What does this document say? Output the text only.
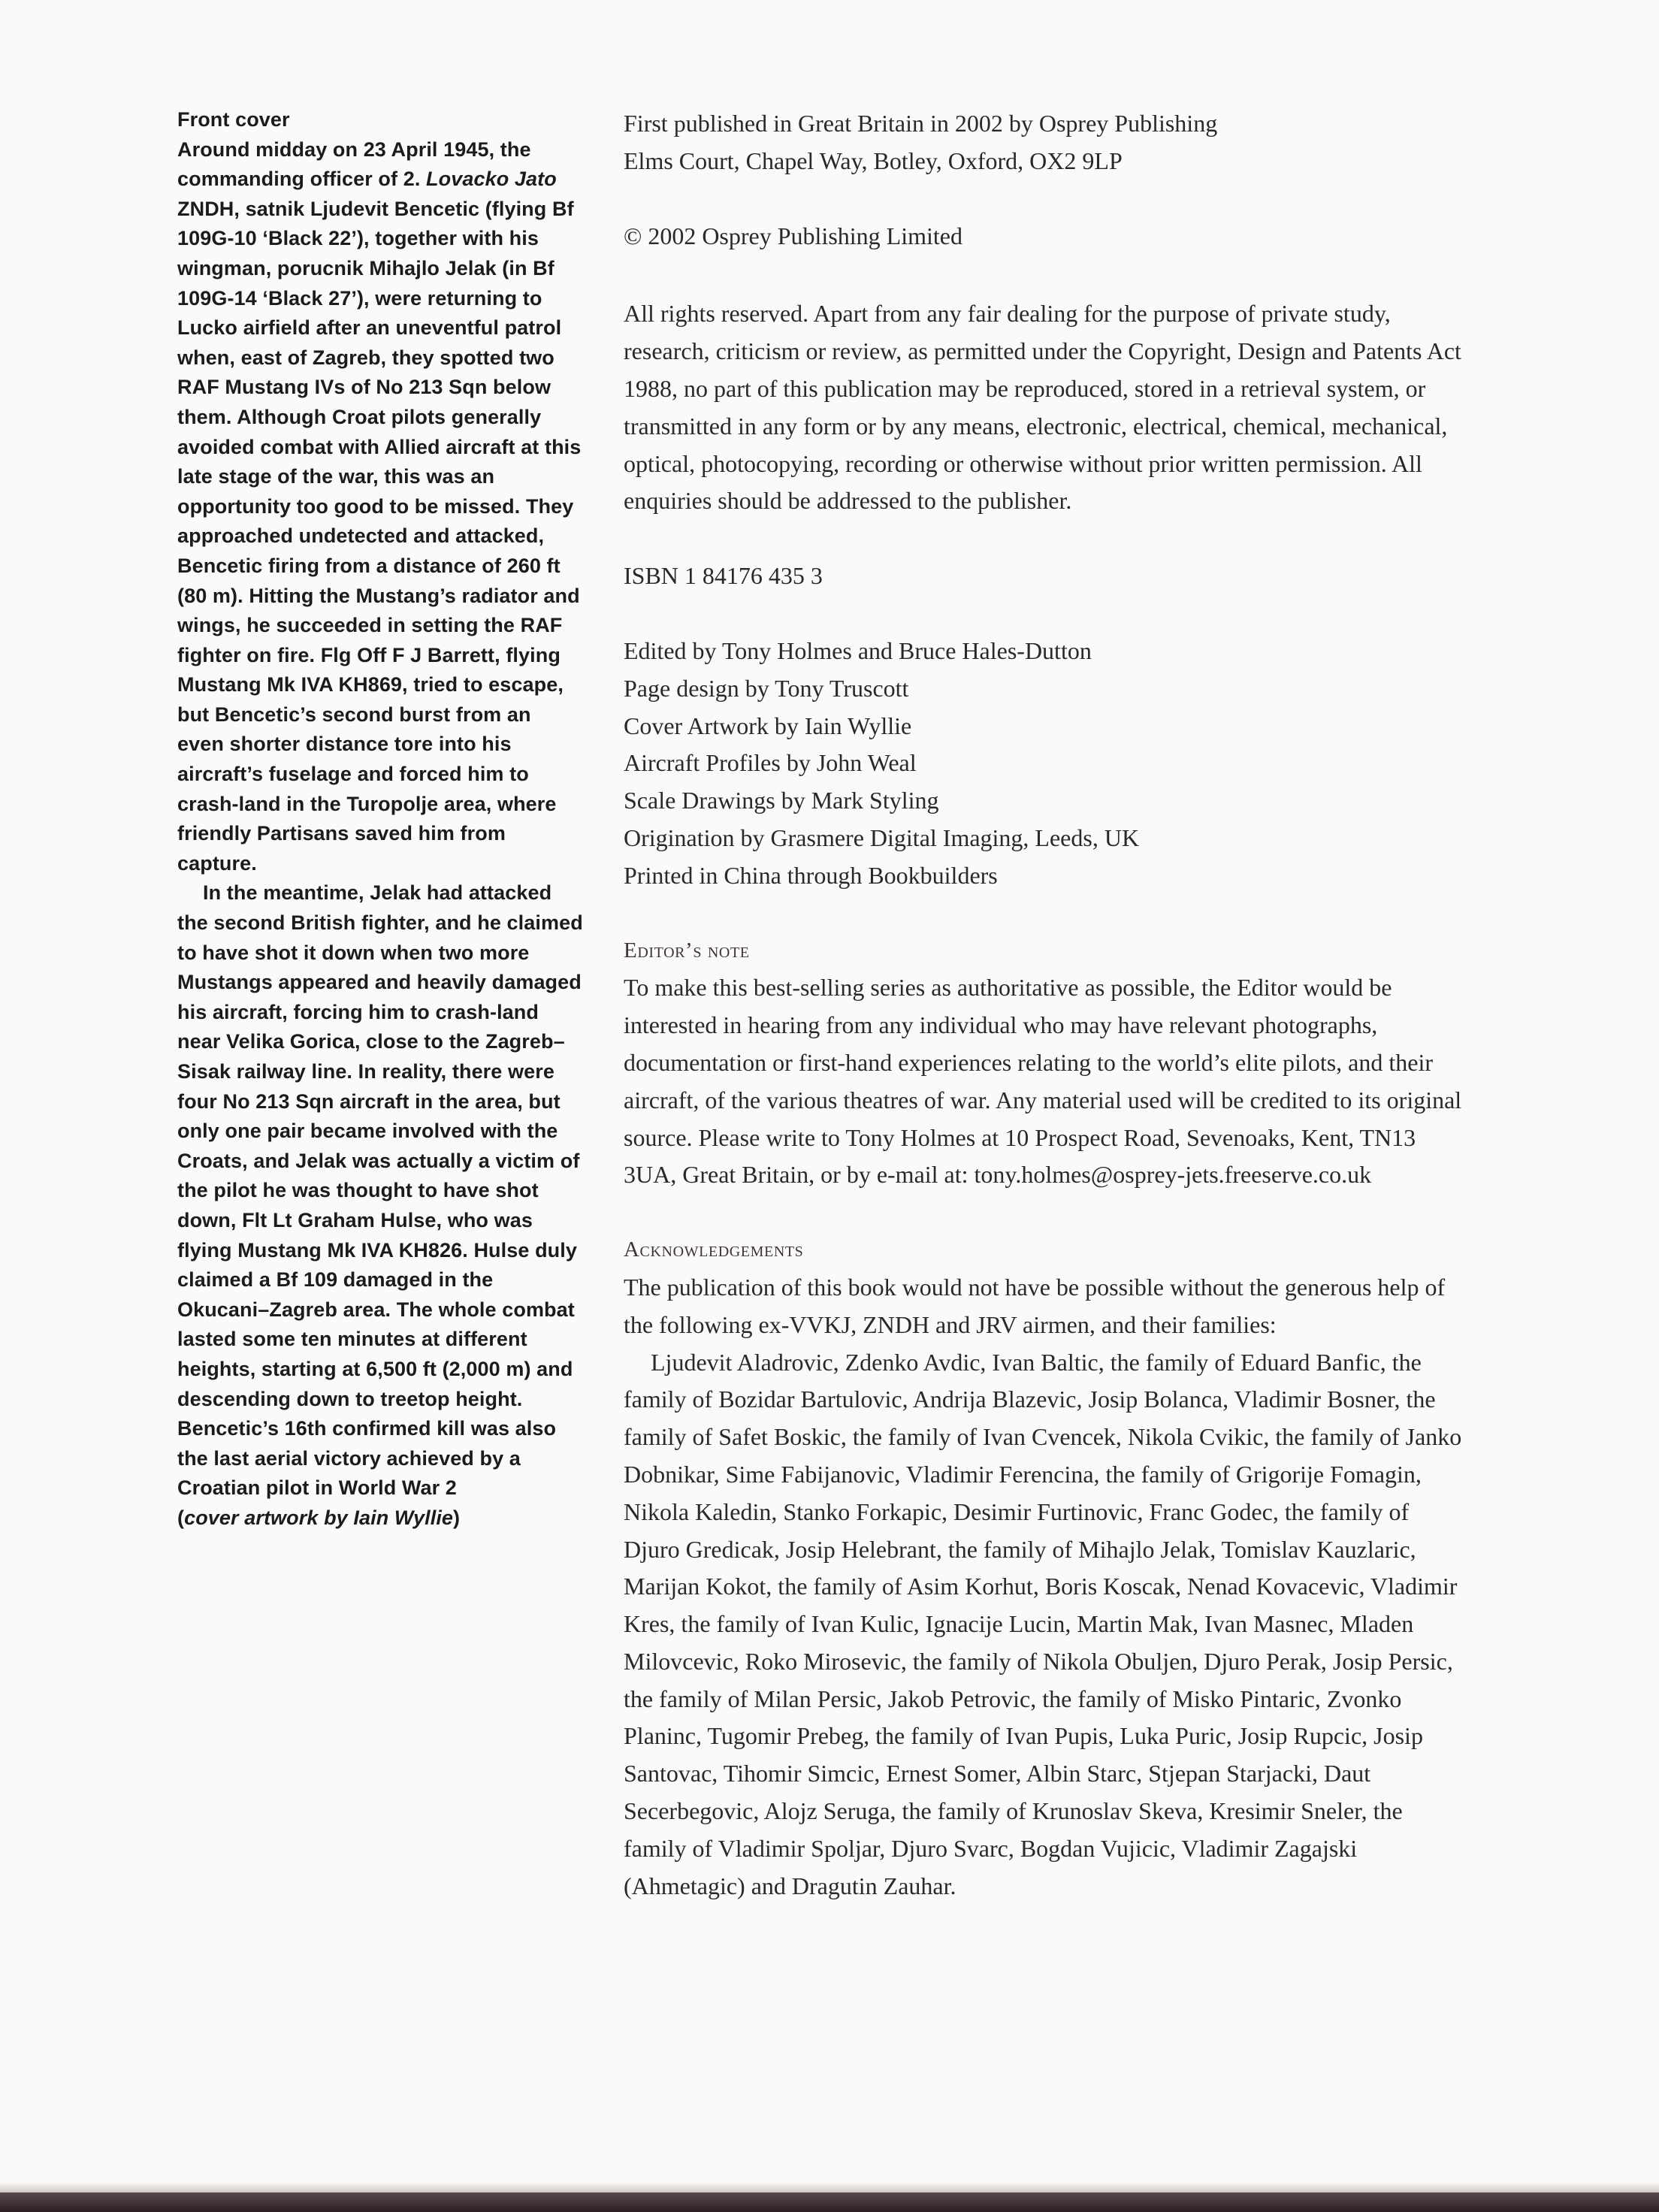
Front cover

Around midday on 23 April 1945, the commanding officer of 2. Lovacko Jato ZNDH, satnik Ljudevit Bencetic (flying Bf 109G-10 ‘Black 22’), together with his wingman, porucnik Mihajlo Jelak (in Bf 109G-14 ‘Black 27’), were returning to Lucko airfield after an uneventful patrol when, east of Zagreb, they spotted two RAF Mustang IVs of No 213 Sqn below them. Although Croat pilots generally avoided combat with Allied aircraft at this late stage of the war, this was an opportunity too good to be missed. They approached undetected and attacked, Bencetic firing from a distance of 260 ft (80 m). Hitting the Mustang’s radiator and wings, he succeeded in setting the RAF fighter on fire. Flg Off F J Barrett, flying Mustang Mk IVA KH869, tried to escape, but Bencetic’s second burst from an even shorter distance tore into his aircraft’s fuselage and forced him to crash-land in the Turopolje area, where friendly Partisans saved him from capture.

In the meantime, Jelak had attacked the second British fighter, and he claimed to have shot it down when two more Mustangs appeared and heavily damaged his aircraft, forcing him to crash-land near Velika Gorica, close to the Zagreb–Sisak railway line. In reality, there were four No 213 Sqn aircraft in the area, but only one pair became involved with the Croats, and Jelak was actually a victim of the pilot he was thought to have shot down, Flt Lt Graham Hulse, who was flying Mustang Mk IVA KH826. Hulse duly claimed a Bf 109 damaged in the Okucani–Zagreb area. The whole combat lasted some ten minutes at different heights, starting at 6,500 ft (2,000 m) and descending down to treetop height. Bencetic’s 16th confirmed kill was also the last aerial victory achieved by a Croatian pilot in World War 2
(cover artwork by Iain Wyllie)

First published in Great Britain in 2002 by Osprey Publishing

Elms Court, Chapel Way, Botley, Oxford, OX2 9LP

© 2002 Osprey Publishing Limited

All rights reserved. Apart from any fair dealing for the purpose of private study, research, criticism or review, as permitted under the Copyright, Design and Patents Act 1988, no part of this publication may be reproduced, stored in a retrieval system, or transmitted in any form or by any means, electronic, electrical, chemical, mechanical, optical, photocopying, recording or otherwise without prior written permission. All enquiries should be addressed to the publisher.

ISBN 1 84176 435 3

Edited by Tony Holmes and Bruce Hales-Dutton
Page design by Tony Truscott
Cover Artwork by Iain Wyllie
Aircraft Profiles by John Weal
Scale Drawings by Mark Styling
Origination by Grasmere Digital Imaging, Leeds, UK
Printed in China through Bookbuilders

Editor’s note

To make this best-selling series as authoritative as possible, the Editor would be interested in hearing from any individual who may have relevant photographs, documentation or first-hand experiences relating to the world’s elite pilots, and their aircraft, of the various theatres of war. Any material used will be credited to its original source. Please write to Tony Holmes at 10 Prospect Road, Sevenoaks, Kent, TN13 3UA, Great Britain, or by e-mail at: tony.holmes@osprey-jets.freeserve.co.uk

Acknowledgements

The publication of this book would not have be possible without the generous help of the following ex-VVKJ, ZNDH and JRV airmen, and their families:

Ljudevit Aladrovic, Zdenko Avdic, Ivan Baltic, the family of Eduard Banfic, the family of Bozidar Bartulovic, Andrija Blazevic, Josip Bolanca, Vladimir Bosner, the family of Safet Boskic, the family of Ivan Cvencek, Nikola Cvikic, the family of Janko Dobnikar, Sime Fabijanovic, Vladimir Ferencina, the family of Grigorije Fomagin, Nikola Kaledin, Stanko Forkapic, Desimir Furtinovic, Franc Godec, the family of Djuro Gredicak, Josip Helebrant, the family of Mihajlo Jelak, Tomislav Kauzlaric, Marijan Kokot, the family of Asim Korhut, Boris Koscak, Nenad Kovacevic, Vladimir Kres, the family of Ivan Kulic, Ignacije Lucin, Martin Mak, Ivan Masnec, Mladen Milovcevic, Roko Mirosevic, the family of Nikola Obuljen, Djuro Perak, Josip Persic, the family of Milan Persic, Jakob Petrovic, the family of Misko Pintaric, Zvonko Planinc, Tugomir Prebeg, the family of Ivan Pupis, Luka Puric, Josip Rupcic, Josip Santovac, Tihomir Simcic, Ernest Somer, Albin Starc, Stjepan Starjacki, Daut Secerbegovic, Alojz Seruga, the family of Krunoslav Skeva, Kresimir Sneler, the family of Vladimir Spoljar, Djuro Svarc, Bogdan Vujicic, Vladimir Zagajski (Ahmetagic) and Dragutin Zauhar.
